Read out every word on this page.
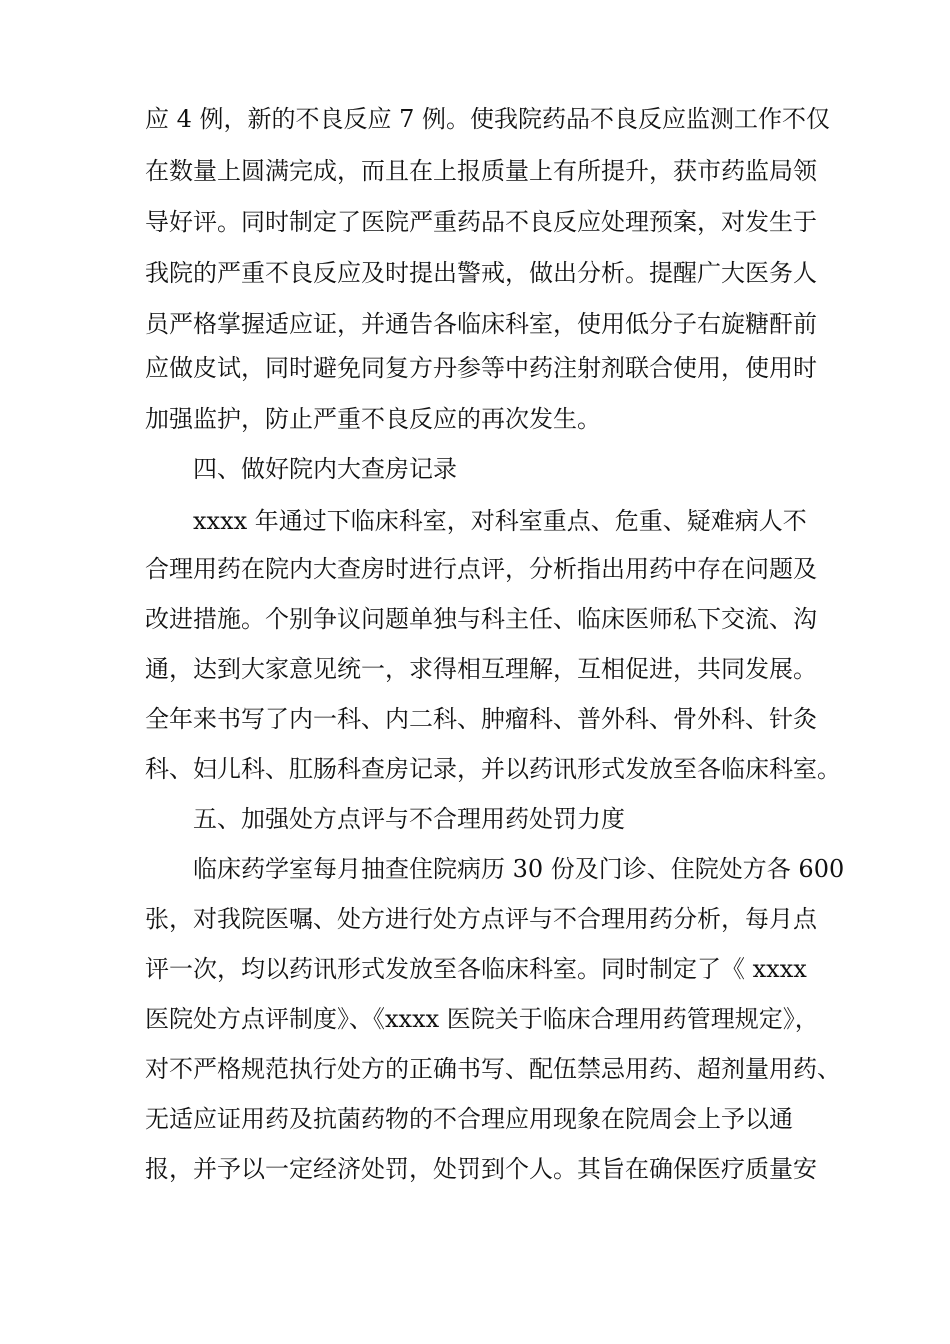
应 4 例，新的不良反应 7 例。使我院药品不良反应监测工作不仅
在数量上圆满完成，而且在上报质量上有所提升，获市药监局领
导好评。同时制定了医院严重药品不良反应处理预案，对发生于
我院的严重不良反应及时提出警戒，做出分析。提醒广大医务人
员严格掌握适应证，并通告各临床科室，使用低分子右旋糖酐前
应做皮试，同时避免同复方丹参等中药注射剂联合使用，使用时
加强监护，防止严重不良反应的再次发生。
四、做好院内大查房记录
xxxx 年通过下临床科室，对科室重点、危重、疑难病人不
合理用药在院内大查房时进行点评，分析指出用药中存在问题及
改进措施。个别争议问题单独与科主任、临床医师私下交流、沟
通，达到大家意见统一，求得相互理解，互相促进，共同发展。
全年来书写了内一科、内二科、肿瘤科、普外科、骨外科、针灸
科、妇儿科、肛肠科查房记录，并以药讯形式发放至各临床科室。
五、加强处方点评与不合理用药处罚力度
临床药学室每月抽查住院病历 30 份及门诊、住院处方各 600
张，对我院医嘱、处方进行处方点评与不合理用药分析，每月点
评一次，均以药讯形式发放至各临床科室。同时制定了《 xxxx
医院处方点评制度》、《xxxx 医院关于临床合理用药管理规定》，
对不严格规范执行处方的正确书写、配伍禁忌用药、超剂量用药、
无适应证用药及抗菌药物的不合理应用现象在院周会上予以通
报，并予以一定经济处罚，处罚到个人。其旨在确保医疗质量安
